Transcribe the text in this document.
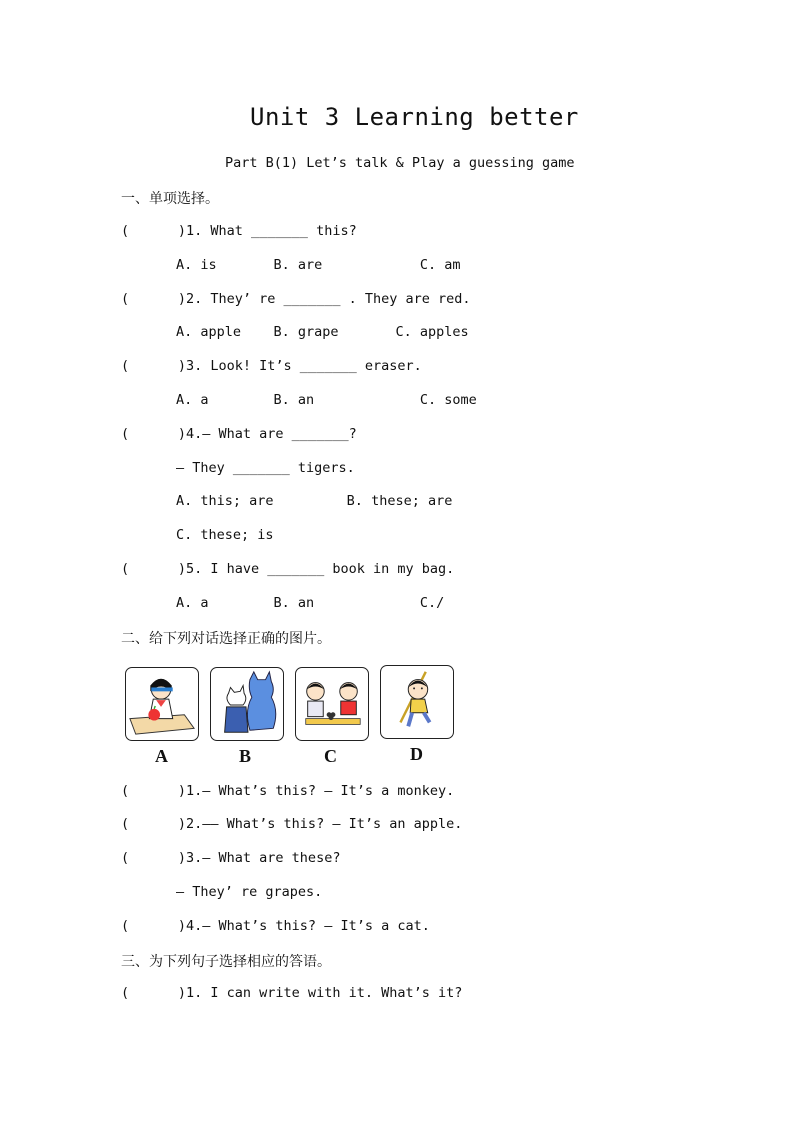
Unit 3 Learning better
Part B(1) Let’s talk & Play a guessing game
一、单项选择。
(      )1. What _______ this?
A. is       B. are            C. am
(      )2. They’ re _______ . They are red.
A. apple    B. grape       C. apples
(      )3. Look! It’s _______ eraser.
A. a        B. an             C. some
(      )4.— What are _______?
— They _______ tigers.
A. this; are         B. these; are
C. these; is
(      )5. I have _______ book in my bag.
A. a        B. an             C./
二、给下列对话选择正确的图片。
A	B	C	D
(      )1.— What’s this? — It’s a monkey.
(      )2.—— What’s this? — It’s an apple.
(      )3.— What are these?
— They’ re grapes.
(      )4.— What’s this? — It’s a cat.
三、为下列句子选择相应的答语。
(      )1. I can write with it. What’s it?
